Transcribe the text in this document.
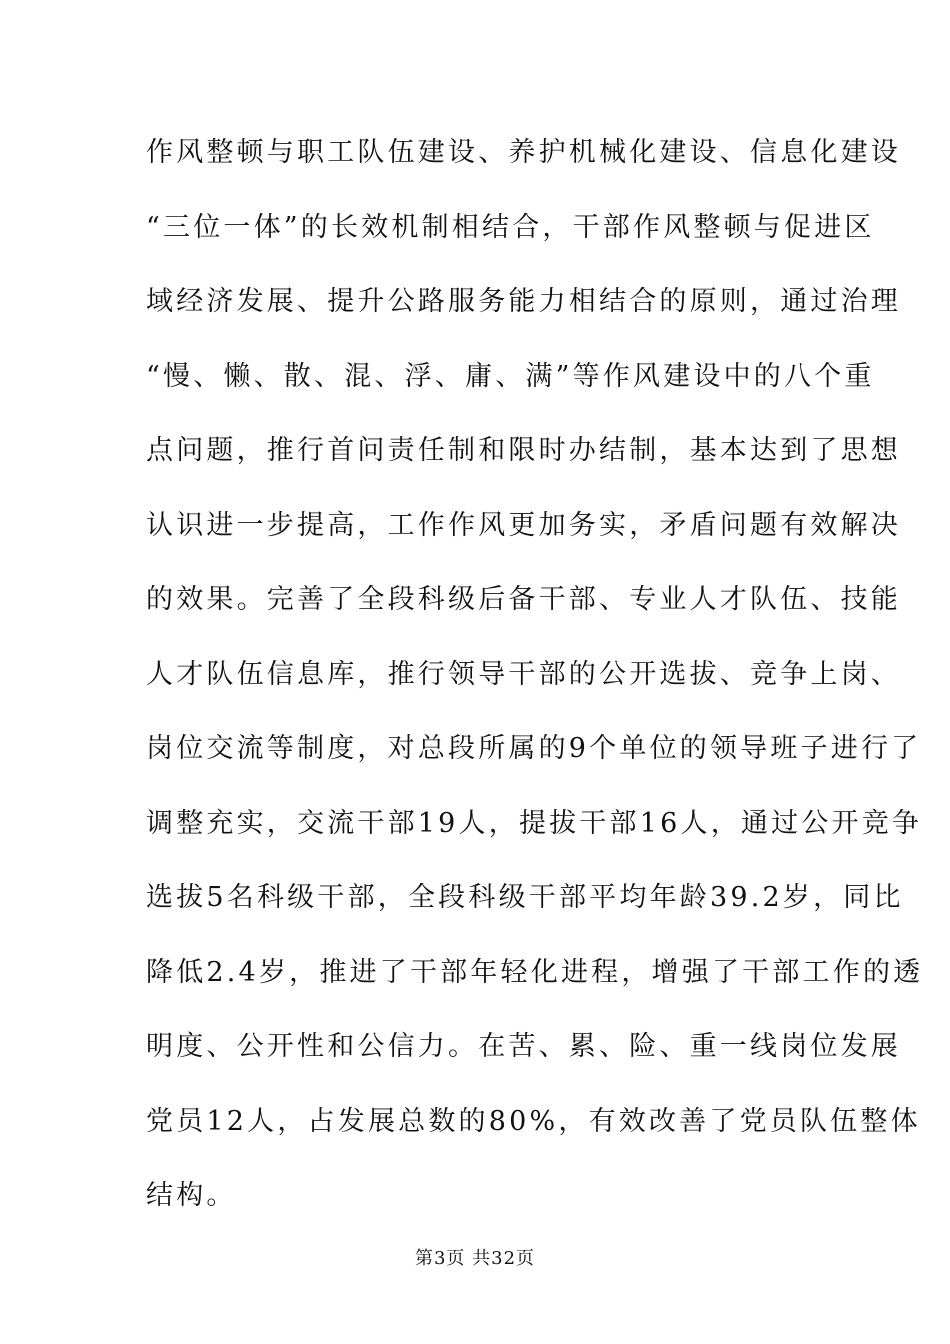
作风整顿与职工队伍建设、养护机械化建设、信息化建设
“三位一体”的长效机制相结合，干部作风整顿与促进区
域经济发展、提升公路服务能力相结合的原则，通过治理
“慢、懒、散、混、浮、庸、满”等作风建设中的八个重
点问题，推行首问责任制和限时办结制，基本达到了思想
认识进一步提高，工作作风更加务实，矛盾问题有效解决
的效果。完善了全段科级后备干部、专业人才队伍、技能
人才队伍信息库，推行领导干部的公开选拔、竞争上岗、
岗位交流等制度，对总段所属的9个单位的领导班子进行了
调整充实，交流干部19人，提拔干部16人，通过公开竞争
选拔5名科级干部，全段科级干部平均年龄39.2岁，同比
降低2.4岁，推进了干部年轻化进程，增强了干部工作的透
明度、公开性和公信力。在苦、累、险、重一线岗位发展
党员12人，占发展总数的80%，有效改善了党员队伍整体
结构。
第3页 共32页
